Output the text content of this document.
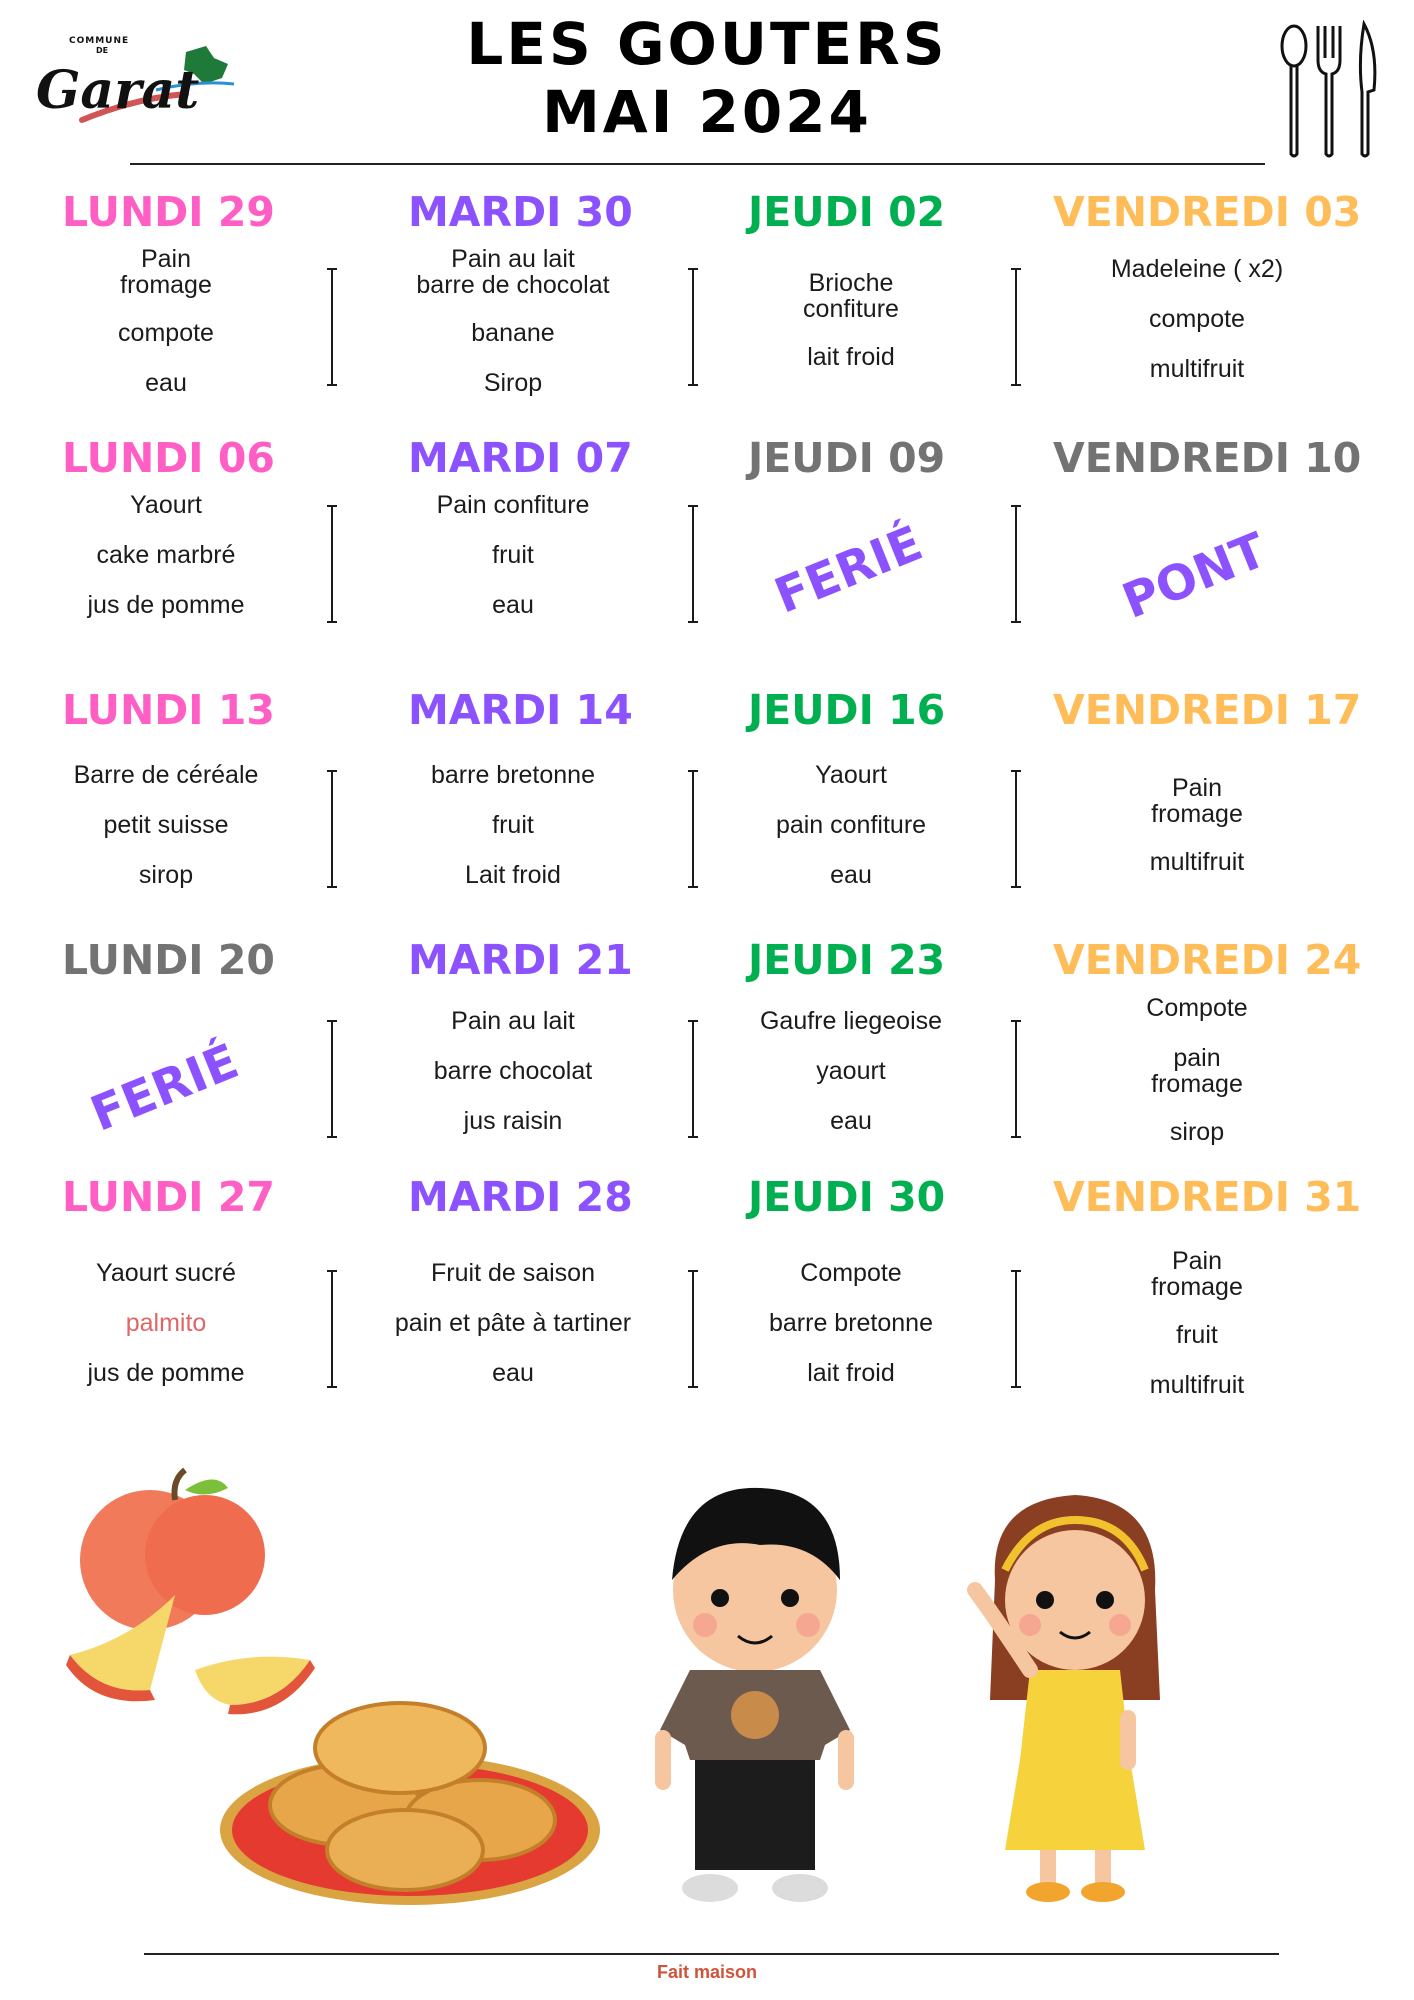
COMMUNE
DE
Garat
LES GOUTERS
MAI 2024
LUNDI 29
Pain
fromage
compote
eau
MARDI 30
Pain au lait
barre de chocolat
banane
Sirop
JEUDI 02
Brioche
confiture
lait froid
VENDREDI 03
Madeleine ( x2)
compote
multifruit
LUNDI 06
Yaourt
cake marbré
jus de pomme
MARDI 07
Pain confiture
fruit
eau
JEUDI 09
FERIÉ
VENDREDI 10
PONT
LUNDI 13
Barre de céréale
petit suisse
sirop
MARDI 14
barre bretonne
fruit
Lait froid
JEUDI 16
Yaourt
pain confiture
eau
VENDREDI 17
Pain
fromage
multifruit
LUNDI 20
FERIÉ
MARDI 21
Pain au lait
barre chocolat
jus raisin
JEUDI 23
Gaufre liegeoise
yaourt
eau
VENDREDI 24
Compote
pain
fromage
sirop
LUNDI 27
Yaourt sucré
palmito
jus de pomme
MARDI 28
Fruit de saison
pain et pâte à tartiner
eau
JEUDI 30
Compote
barre bretonne
lait froid
VENDREDI 31
Pain
fromage
fruit
multifruit
Fait maison
